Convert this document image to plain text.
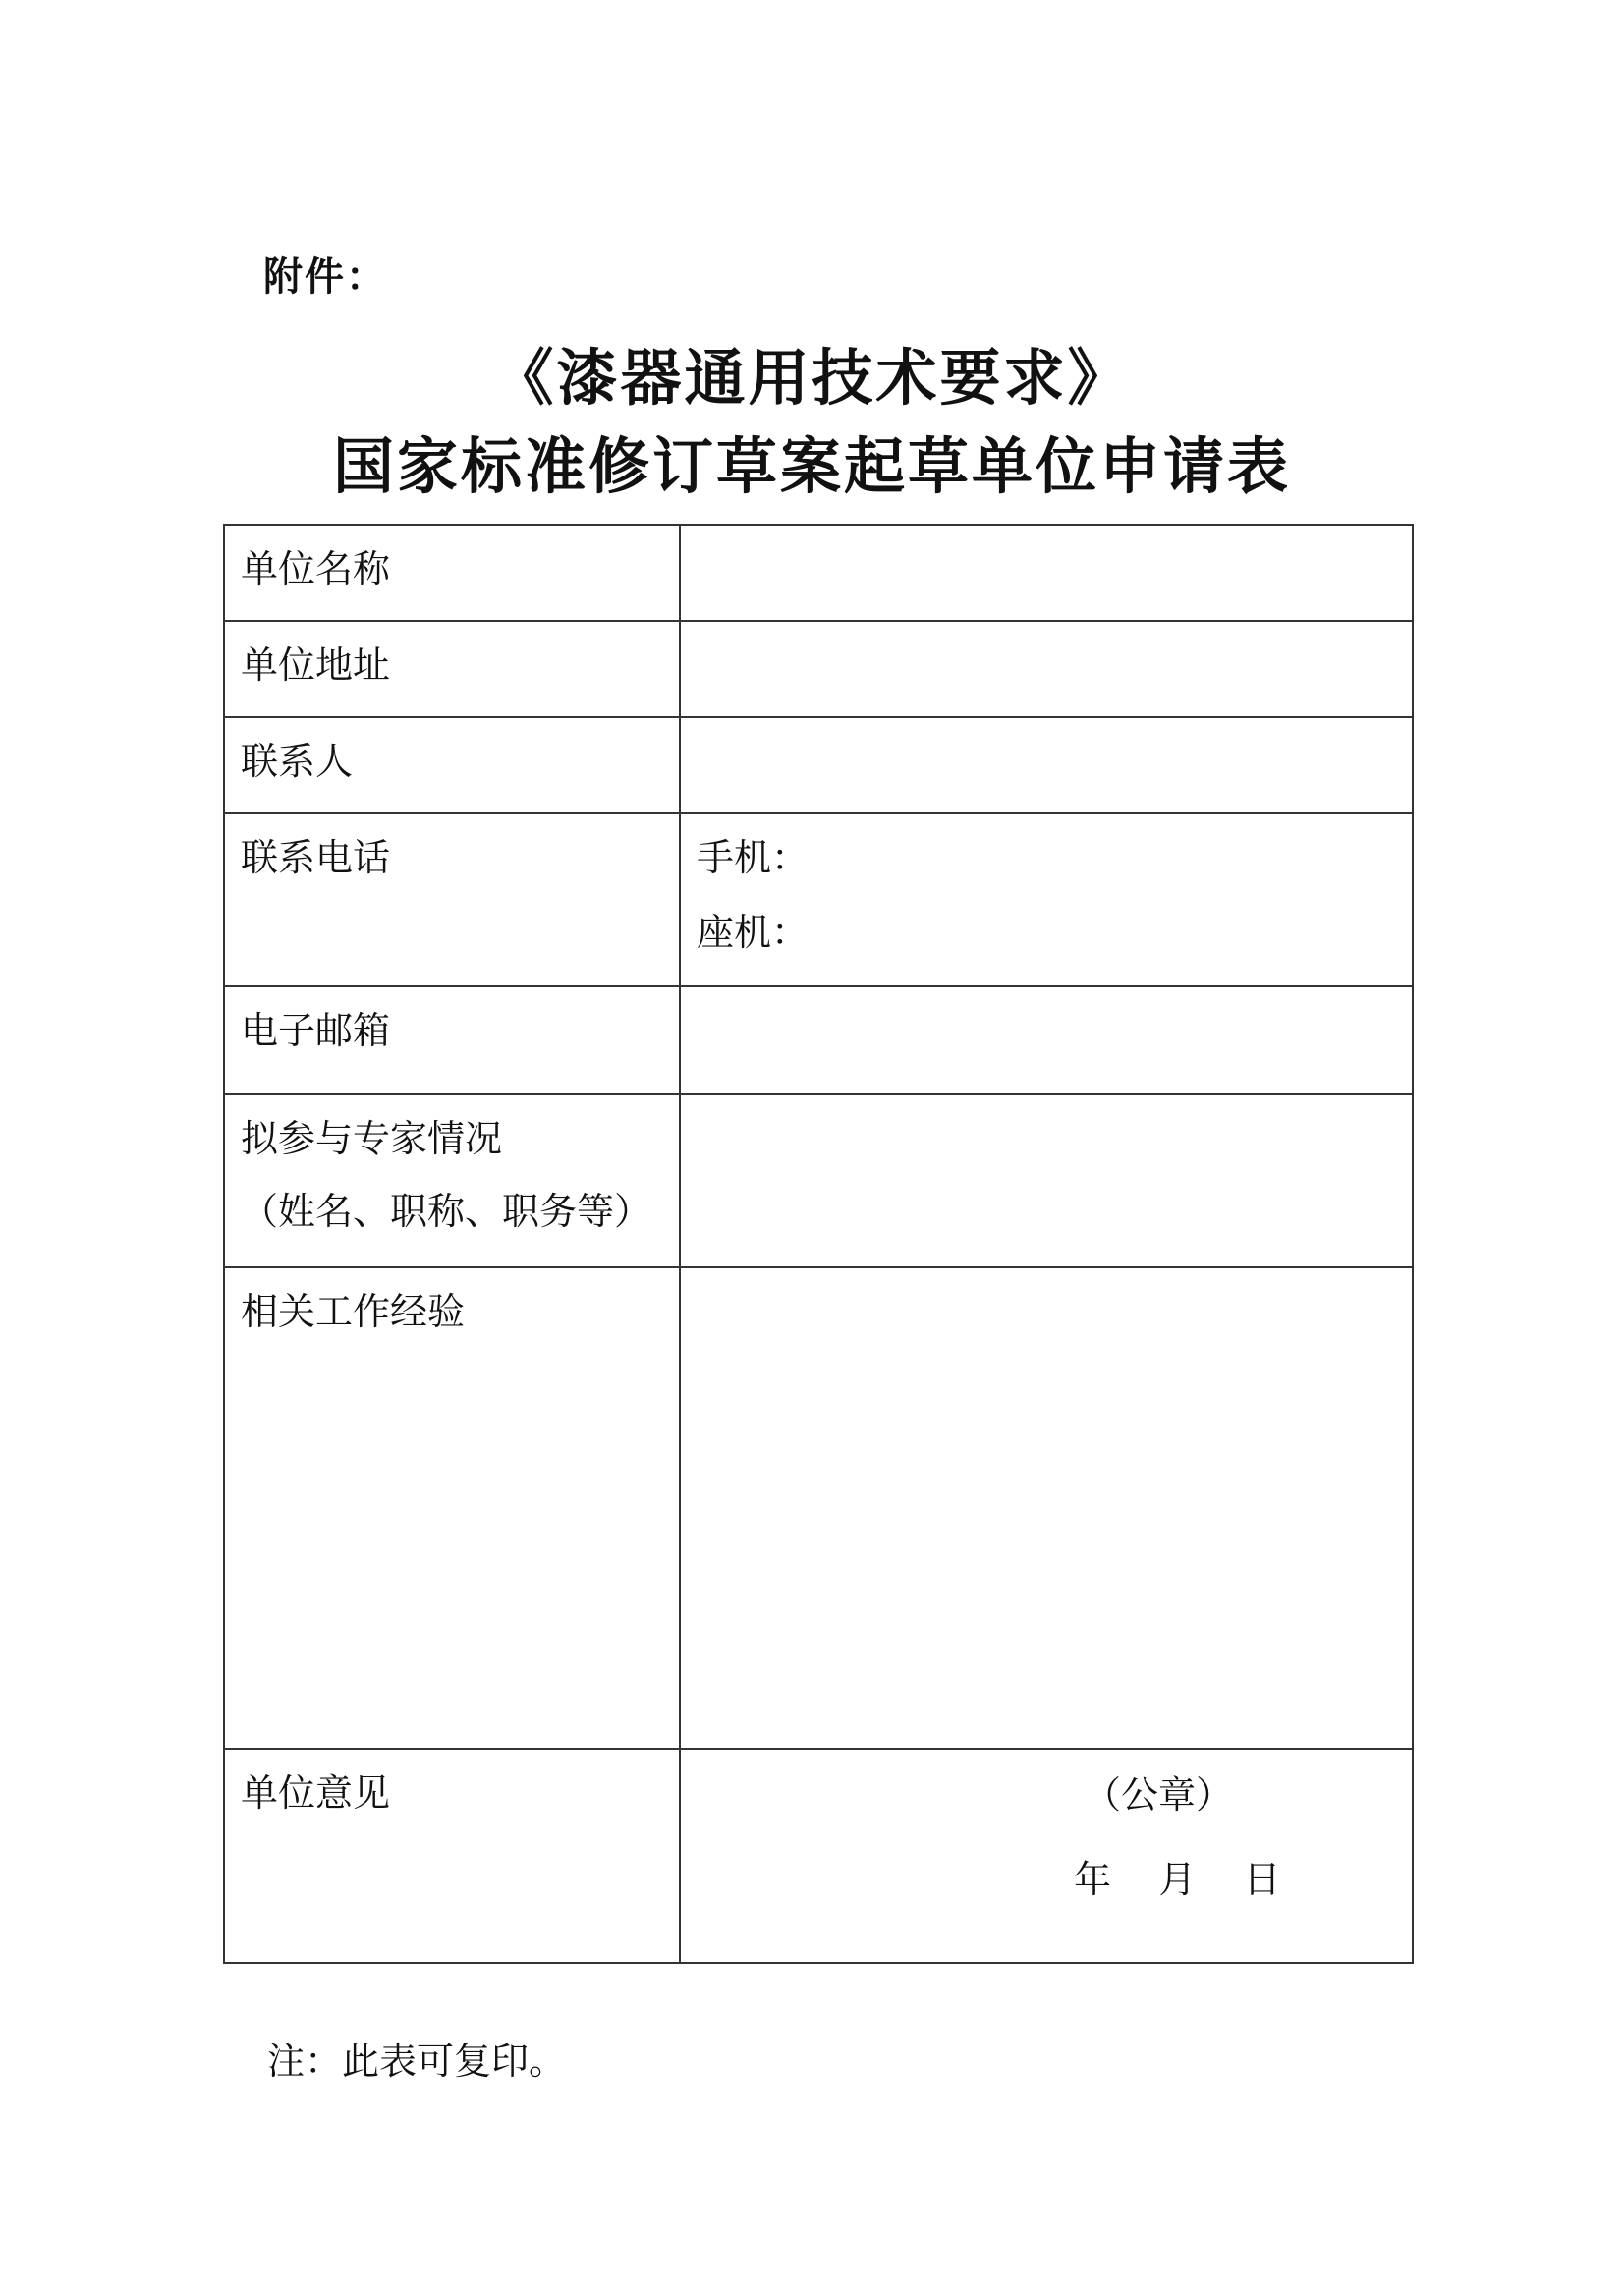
附件：
《漆器通用技术要求》
国家标准修订草案起草单位申请表
单位名称	

单位地址	

联系人	

联系电话	手机：
座机：

电子邮箱	

拟参与专家情况
（姓名、职称、职务等）	

相关工作经验	

单位意见	（公章）
年    月    日
注：此表可复印。
